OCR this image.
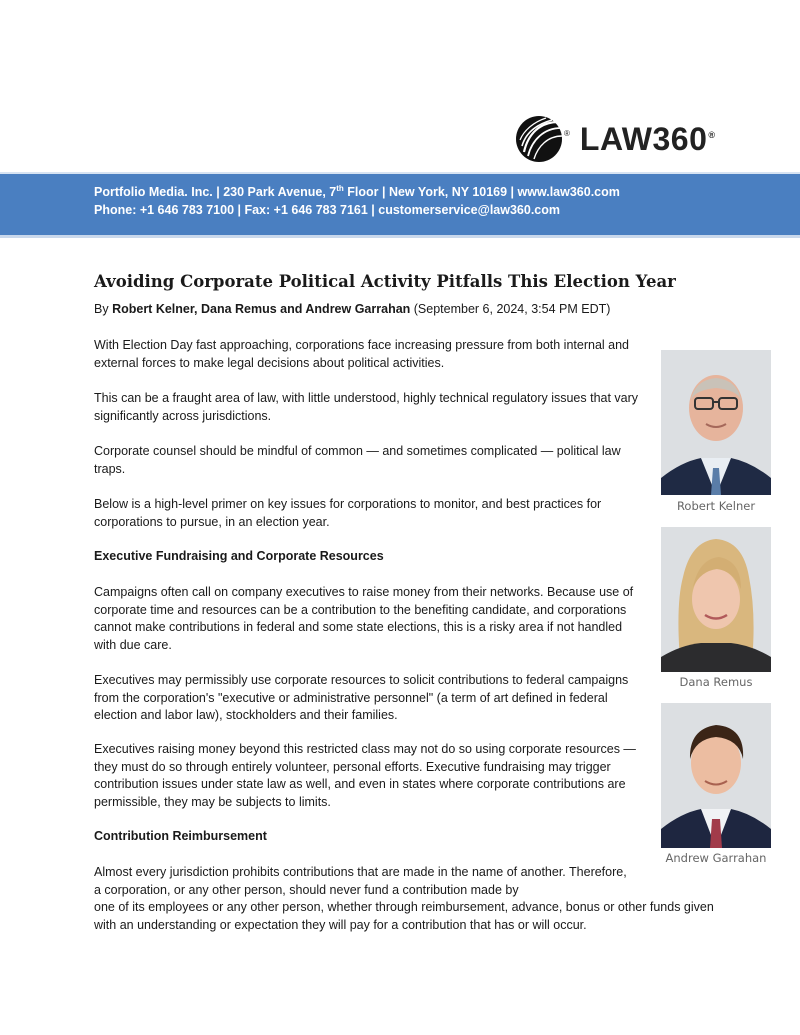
® LAW360®
Portfolio Media. Inc. | 230 Park Avenue, 7th Floor | New York, NY 10169 | www.law360.com
Phone: +1 646 783 7100 | Fax: +1 646 783 7161 | customerservice@law360.com
Avoiding Corporate Political Activity Pitfalls This Election Year
By Robert Kelner, Dana Remus and Andrew Garrahan (September 6, 2024, 3:54 PM EDT)
With Election Day fast approaching, corporations face increasing pressure from both internal and external forces to make legal decisions about political activities.
This can be a fraught area of law, with little understood, highly technical regulatory issues that vary significantly across jurisdictions.
Corporate counsel should be mindful of common — and sometimes complicated — political law traps.
Below is a high-level primer on key issues for corporations to monitor, and best practices for corporations to pursue, in an election year.
Executive Fundraising and Corporate Resources
Campaigns often call on company executives to raise money from their networks. Because use of corporate time and resources can be a contribution to the benefiting candidate, and corporations cannot make contributions in federal and some state elections, this is a risky area if not handled with due care.
Executives may permissibly use corporate resources to solicit contributions to federal campaigns from the corporation's "executive or administrative personnel" (a term of art defined in federal election and labor law), stockholders and their families.
Executives raising money beyond this restricted class may not do so using corporate resources — they must do so through entirely volunteer, personal efforts. Executive fundraising may trigger contribution issues under state law as well, and even in states where corporate contributions are permissible, they may be subjects to limits.
Contribution Reimbursement
Almost every jurisdiction prohibits contributions that are made in the name of another. Therefore, a corporation, or any other person, should never fund a contribution made by
one of its employees or any other person, whether through reimbursement, advance, bonus or other funds given with an understanding or expectation they will pay for a contribution that has or will occur.
Robert Kelner
Dana Remus
Andrew Garrahan
